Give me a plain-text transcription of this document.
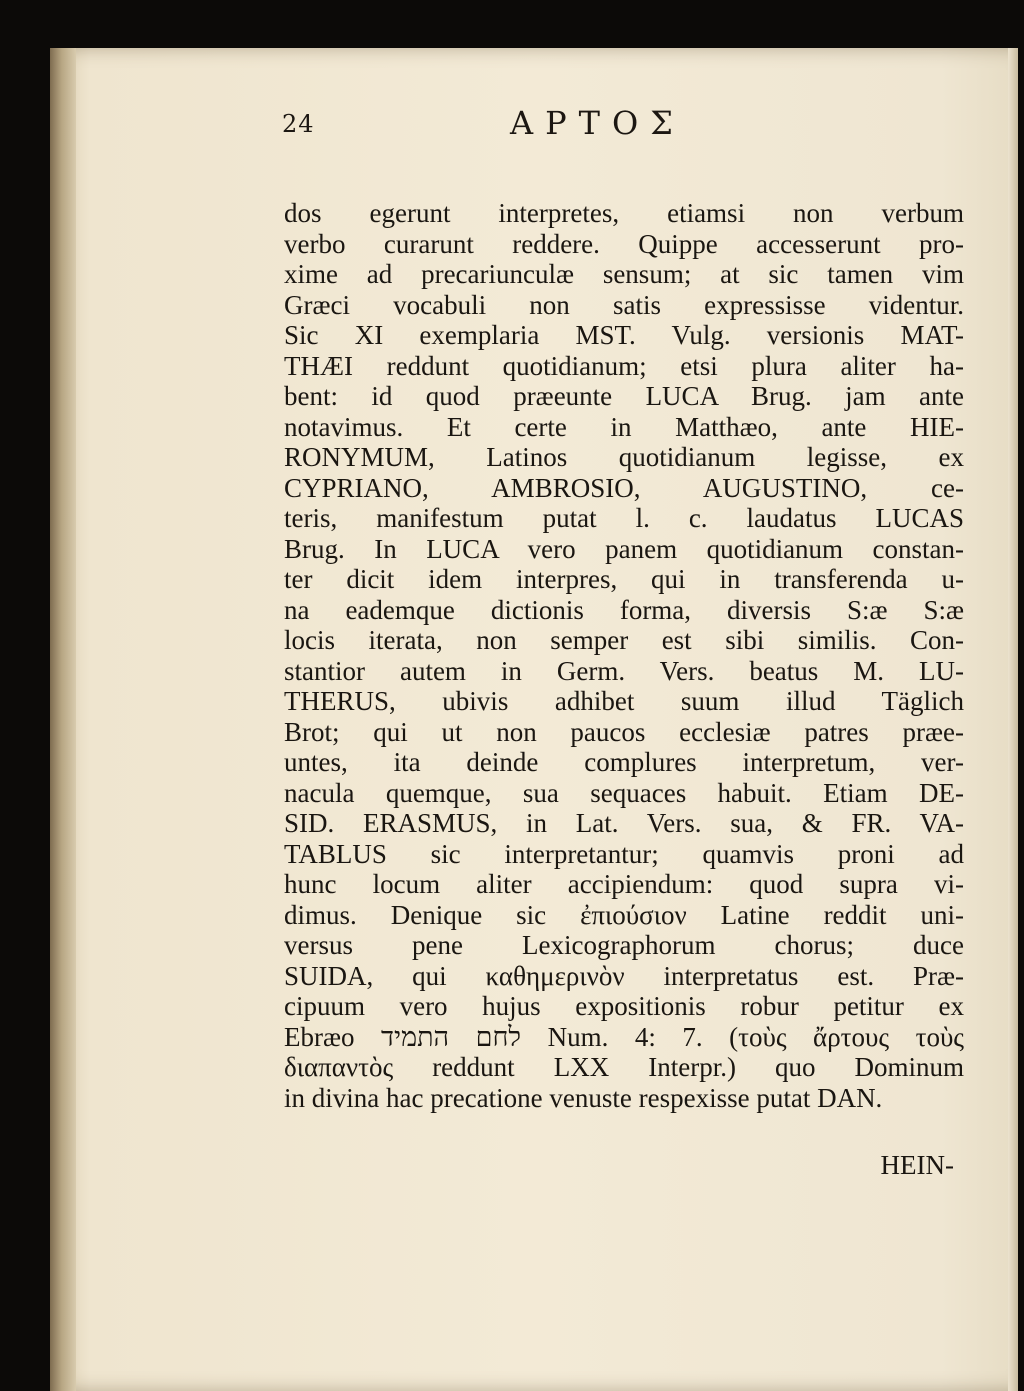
24	ΑΡΤΟΣ
dos egerunt interpretes, etiamsi non verbum
verbo curarunt reddere. Quippe accesserunt pro-
xime ad precariunculæ sensum; at sic tamen vim
Græci vocabuli non satis expressisse videntur.
Sic XI exemplaria MST. Vulg. versionis MAT-
THÆI reddunt quotidianum; etsi plura aliter ha-
bent: id quod præeunte LUCA Brug. jam ante
notavimus. Et certe in Matthæo, ante HIE-
RONYMUM, Latinos quotidianum legisse, ex
CYPRIANO, AMBROSIO, AUGUSTINO, ce-
teris, manifestum putat l. c. laudatus LUCAS
Brug. In LUCA vero panem quotidianum constan-
ter dicit idem interpres, qui in transferenda u-
na eademque dictionis forma, diversis S:æ S:æ
locis iterata, non semper est sibi similis. Con-
stantior autem in Germ. Vers. beatus M. LU-
THERUS, ubivis adhibet suum illud Täglich
Brot; qui ut non paucos ecclesiæ patres præe-
untes, ita deinde complures interpretum, ver-
nacula quemque, sua sequaces habuit. Etiam DE-
SID. ERASMUS, in Lat. Vers. sua, & FR. VA-
TABLUS sic interpretantur; quamvis proni ad
hunc locum aliter accipiendum: quod supra vi-
dimus. Denique sic ἐπιούσιον Latine reddit uni-
versus pene Lexicographorum chorus; duce
SUIDA, qui καθημερινὸν interpretatus est. Præ-
cipuum vero hujus expositionis robur petitur ex
Ebræo לחם התמיד Num. 4: 7. (τοὺς ἄρτους τοὺς
διαπαντὸς reddunt LXX Interpr.) quo Dominum
in divina hac precatione venuste respexisse putat DAN.
HEIN-
